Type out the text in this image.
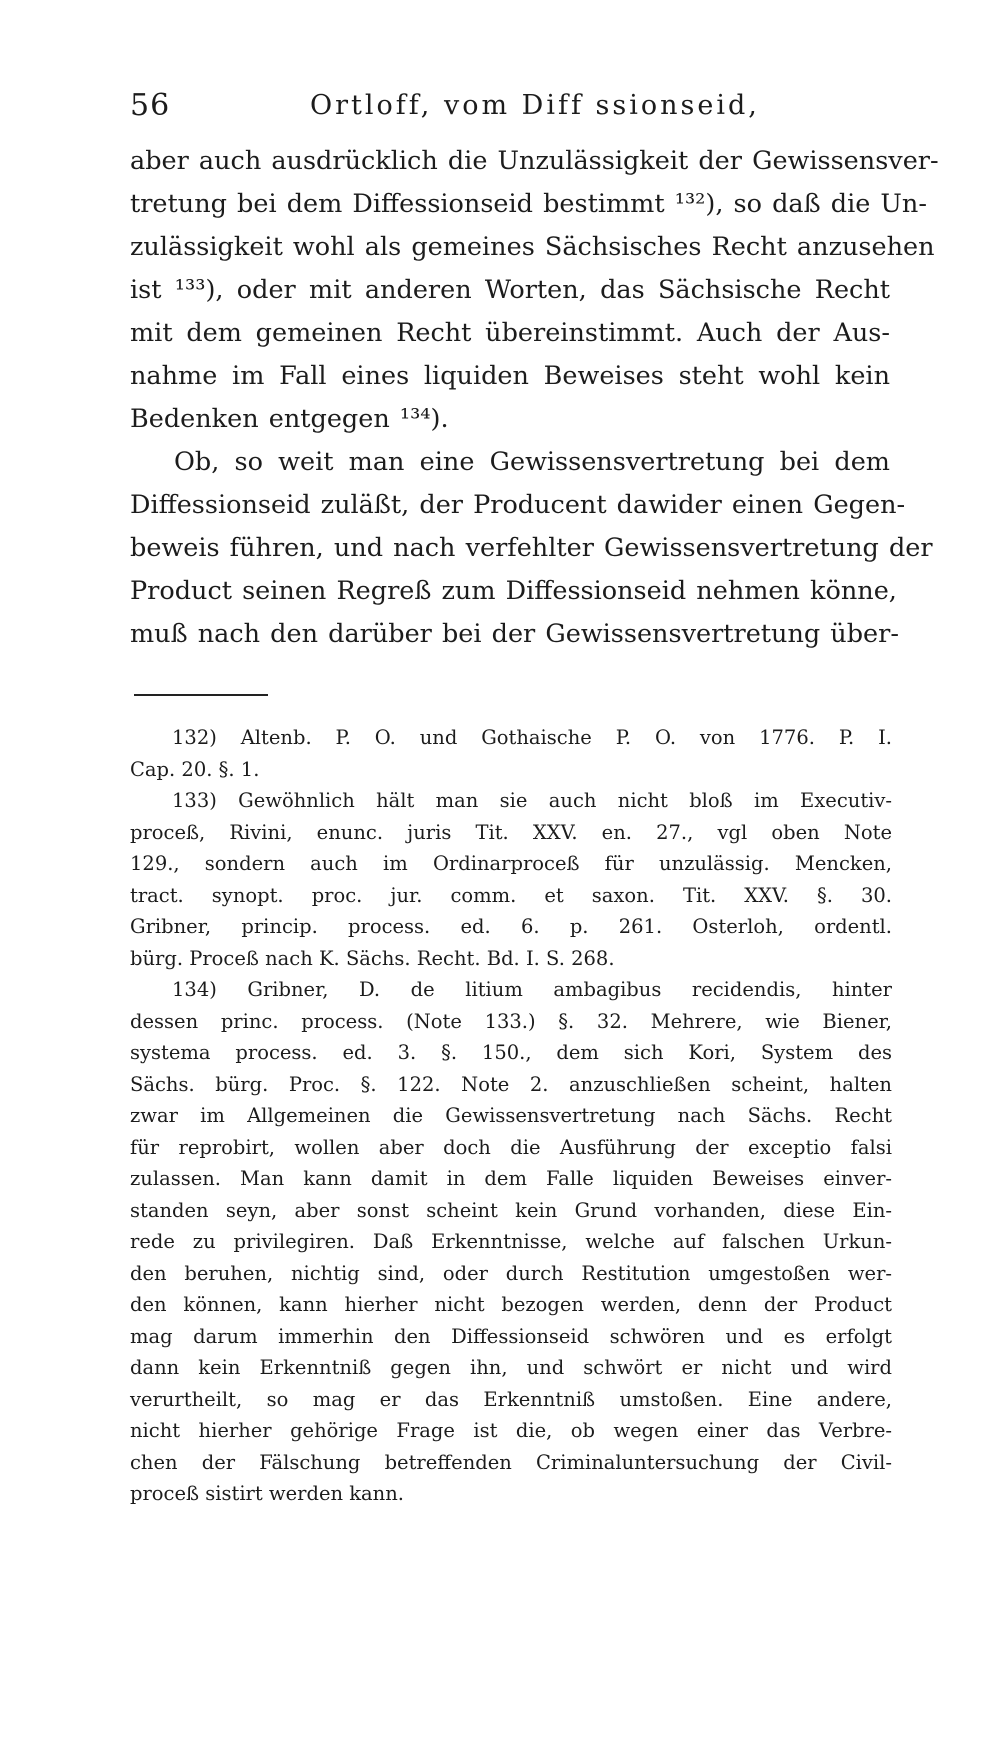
56	Ortloff, vom Diff ssionseid,

aber auch ausdrücklich die Unzulässigkeit der Gewissensver-
tretung bei dem Diffessionseid bestimmt ¹³²), so daß die Un-
zulässigkeit wohl als gemeines Sächsisches Recht anzusehen
ist ¹³³), oder mit anderen Worten, das Sächsische Recht
mit dem gemeinen Recht übereinstimmt. Auch der Aus-
nahme im Fall eines liquiden Beweises steht wohl kein
Bedenken entgegen ¹³⁴).

Ob, so weit man eine Gewissensvertretung bei dem
Diffessionseid zuläßt, der Producent dawider einen Gegen-
beweis führen, und nach verfehlter Gewissensvertretung der
Product seinen Regreß zum Diffessionseid nehmen könne,
muß nach den darüber bei der Gewissensvertretung über-

132) Altenb. P. O. und Gothaische P. O. von 1776. P. I.
Cap. 20. §. 1.

133) Gewöhnlich hält man sie auch nicht bloß im Executiv-
proceß, Rivini, enunc. juris Tit. XXV. en. 27., vgl oben Note
129., sondern auch im Ordinarproceß für unzulässig. Mencken,
tract. synopt. proc. jur. comm. et saxon. Tit. XXV. §. 30.
Gribner, princip. process. ed. 6. p. 261. Osterloh, ordentl.
bürg. Proceß nach K. Sächs. Recht. Bd. I. S. 268.

134) Gribner, D. de litium ambagibus recidendis, hinter
dessen princ. process. (Note 133.) §. 32. Mehrere, wie Biener,
systema process. ed. 3. §. 150., dem sich Kori, System des
Sächs. bürg. Proc. §. 122. Note 2. anzuschließen scheint, halten
zwar im Allgemeinen die Gewissensvertretung nach Sächs. Recht
für reprobirt, wollen aber doch die Ausführung der exceptio falsi
zulassen. Man kann damit in dem Falle liquiden Beweises einver-
standen seyn, aber sonst scheint kein Grund vorhanden, diese Ein-
rede zu privilegiren. Daß Erkenntnisse, welche auf falschen Urkun-
den beruhen, nichtig sind, oder durch Restitution umgestoßen wer-
den können, kann hierher nicht bezogen werden, denn der Product
mag darum immerhin den Diffessionseid schwören und es erfolgt
dann kein Erkenntniß gegen ihn, und schwört er nicht und wird
verurtheilt, so mag er das Erkenntniß umstoßen. Eine andere,
nicht hierher gehörige Frage ist die, ob wegen einer das Verbre-
chen der Fälschung betreffenden Criminaluntersuchung der Civil-
proceß sistirt werden kann.
